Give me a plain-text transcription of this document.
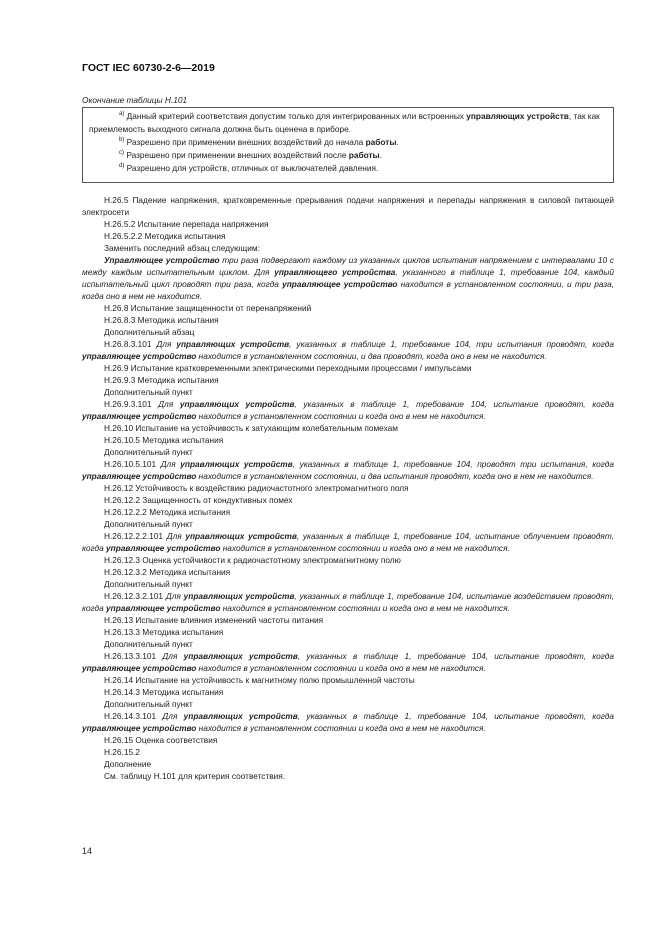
ГОСТ IEC 60730-2-6—2019
Окончание таблицы Н.101
$^{a)}$ Данный критерий соответствия допустим только для интегрированных или встроенных управляющих устройств, так как приемлемость выходного сигнала должна быть оценена в приборе.
$^{b)}$ Разрешено при применении внешних воздействий до начала работы.
$^{c)}$ Разрешено при применении внешних воздействий после работы.
$^{d)}$ Разрешено для устройств, отличных от выключателей давления.

Н.26.5 Падение напряжения, кратковременные прерывания подачи напряжения и перепады напряжения в силовой питающей электросети

Н.26.5.2 Испытание перепада напряжения

Н.26.5.2.2 Методика испытания

Заменить последний абзац следующим:

Управляющее устройство три раза подвергают каждому из указанных циклов испытания напряжением с интервалами 10 с между каждым испытательным циклом. Для управляющего устройства, указанного в таблице 1, требование 104, каждый испытательный цикл проводят три раза, когда управляющее устройство находится в установленном состоянии, и три раза, когда оно в нем не находится.

Н.26.8 Испытание защищенности от перенапряжений

Н.26.8.3 Методика испытания

Дополнительный абзац

Н.26.8.3.101 Для управляющих устройств, указанных в таблице 1, требование 104, три испытания проводят, когда управляющее устройство находится в установленном состоянии, и два проводят, когда оно в нем не находится.

Н.26.9 Испытание кратковременными электрическими переходными процессами / импульсами

Н.26.9.3 Методика испытания

Дополнительный пункт

Н.26.9.3.101 Для управляющих устройств, указанных в таблице 1, требование 104, испытание проводят, когда управляющее устройство находится в установленном состоянии и когда оно в нем не находится.

Н.26.10 Испытание на устойчивость к затухающим колебательным помехам

Н.26.10.5 Методика испытания

Дополнительный пункт

Н.26.10.5.101 Для управляющих устройств, указанных в таблице 1, требование 104, проводят три испытания, когда управляющее устройство находится в установленном состоянии, и два испытания проводят, когда оно в нем не находится.

Н.26.12 Устойчивость к воздействию радиочастотного электромагнитного поля

Н.26.12.2 Защищенность от кондуктивных помех

Н.26.12.2.2 Методика испытания

Дополнительный пункт

Н.26.12.2.2.101 Для управляющих устройств, указанных в таблице 1, требование 104, испытание облучением проводят, когда управляющее устройство находится в установленном состоянии и когда оно в нем не находится.

Н.26.12.3 Оценка устойчивости к радиочастотному электромагнитному полю

Н.26.12.3.2 Методика испытания

Дополнительный пункт

Н.26.12.3.2.101 Для управляющих устройств, указанных в таблице 1, требование 104, испытание воздействием проводят, когда управляющее устройство находится в установленном состоянии и когда оно в нем не находится.

Н.26.13 Испытание влияния изменений частоты питания

Н.26.13.3 Методика испытания

Дополнительный пункт

Н.26.13.3.101 Для управляющих устройств, указанных в таблице 1, требование 104, испытание проводят, когда управляющее устройство находится в установленном состоянии и когда оно в нем не находится.

Н.26.14 Испытание на устойчивость к магнитному полю промышленной частоты

Н.26.14.3 Методика испытания

Дополнительный пункт

Н.26.14.3.101 Для управляющих устройств, указанных в таблице 1, требование 104, испытание проводят, когда управляющее устройство находится в установленном состоянии и когда оно в нем не находится.

Н.26.15 Оценка соответствия

Н.26.15.2

Дополнение

См. таблицу Н.101 для критерия соответствия.

14
